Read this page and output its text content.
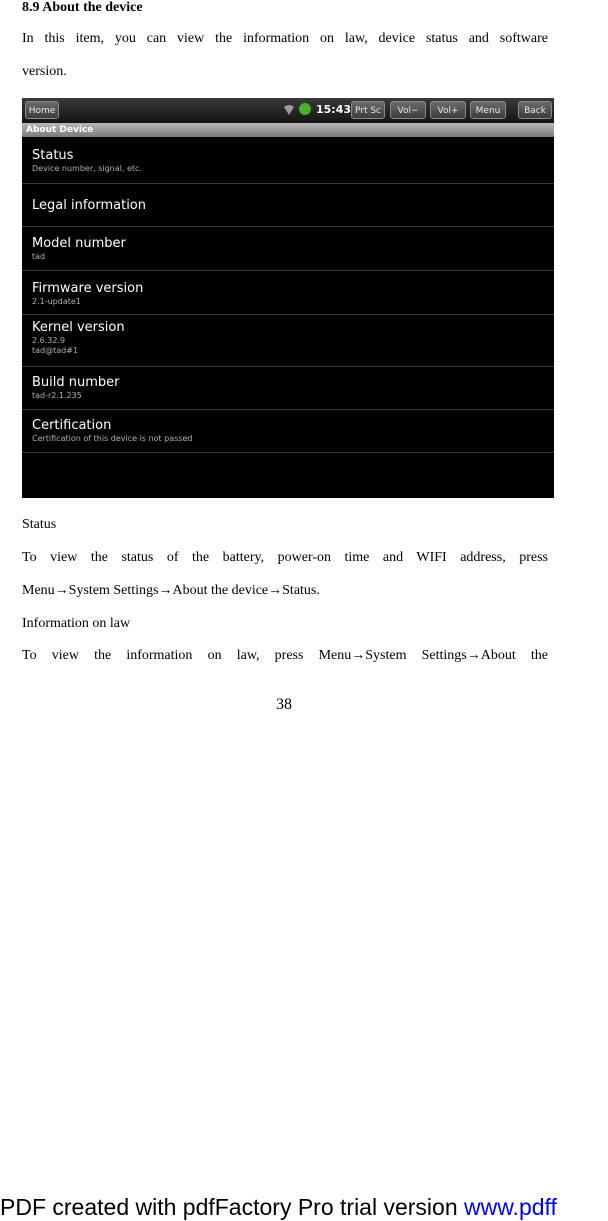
8.9 About the device
In this item, you can view the information on law, device status and software
version.
Home	15:43 Prt Sc	Vol−	Vol+	Menu	Back
About Device
Status
Device number, signal, etc.
Legal information
Model number
tad
Firmware version
2.1-update1
Kernel version
2.6.32.9
tad@tad#1
Build number
tad-r2.1.235
Certification
Certification of this device is not passed
Status
To view the status of the battery, power-on time and WIFI address, press
Menu→System Settings→About the device→Status.
Information on law
To view the information on law, press Menu→System Settings→About the
38
PDF created with pdfFactory Pro trial version www.pdff
